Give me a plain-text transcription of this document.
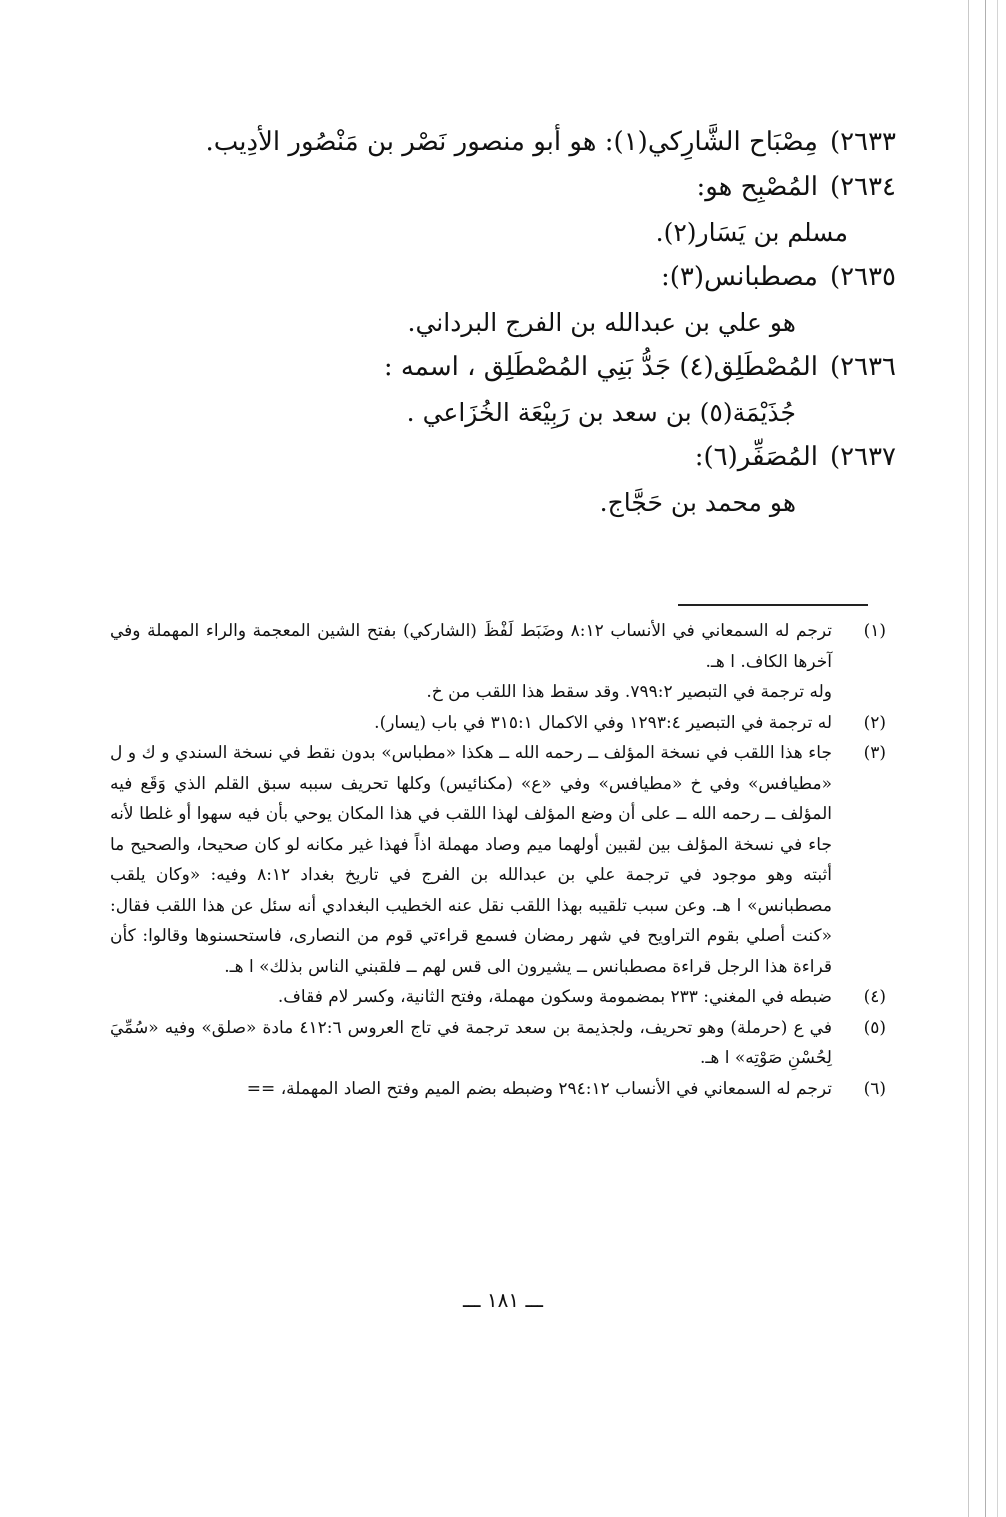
٢٦٣٣)مِصْبَاح الشَّارِكي(١): هو أبو منصور نَصْر بن مَنْصُور الأدِيب.
٢٦٣٤)المُصْبِح هو:
مسلم بن يَسَار(٢).
٢٦٣٥)مصطبانس(٣):
هو علي بن عبدالله بن الفرج البرداني.
٢٦٣٦)المُصْطَلِق(٤) جَدُّ بَنِي المُصْطَلِق ، اسمه :
جُذَيْمَة(٥) بن سعد بن رَبِيْعَة الخُزَاعي .
٢٦٣٧)المُصَفِّر(٦):
هو محمد بن حَجَّاج.
(١)

ترجم له السمعاني في الأنساب ٨:١٢ وضَبَط لَفْظَ (الشاركي) بفتح الشين المعجمة والراء المهملة وفي آخرها الكاف. ا هـ.

وله ترجمة في التبصير ٧٩٩:٢. وقد سقط هذا اللقب من خ.

(٢)

له ترجمة في التبصير ١٢٩٣:٤ وفي الاكمال ٣١٥:١ في باب (يسار).

(٣)

جاء هذا اللقب في نسخة المؤلف ــ رحمه الله ــ هكذا «مطباس» بدون نقط في نسخة السندي و ك و ل «مطيافس» وفي خ «مطيافس» وفي «ع» (مكنائيس) وكلها تحريف سببه سبق القلم الذي وَقَع فيه المؤلف ــ رحمه الله ــ على أن وضع المؤلف لهذا اللقب في هذا المكان يوحي بأن فيه سهوا أو غلطا لأنه جاء في نسخة المؤلف بين لقبين أولهما ميم وصاد مهملة اذاً فهذا غير مكانه لو كان صحيحا، والصحيح ما أثبته وهو موجود في ترجمة علي بن عبدالله بن الفرج في تاريخ بغداد ٨:١٢ وفيه: «وكان يلقب مصطبانس» ا هـ. وعن سبب تلقيبه بهذا اللقب نقل عنه الخطيب البغدادي أنه سئل عن هذا اللقب فقال: «كنت أصلي بقوم التراويح في شهر رمضان فسمع قراءتي قوم من النصارى، فاستحسنوها وقالوا: كأن قراءة هذا الرجل قراءة مصطبانس ــ يشيرون الى قس لهم ــ فلقبني الناس بذلك» ا هـ.

(٤)

ضبطه في المغني: ٢٣٣ بمضمومة وسكون مهملة، وفتح الثانية، وكسر لام فقاف.

(٥)

في ع (حرملة) وهو تحريف، ولجذيمة بن سعد ترجمة في تاج العروس ٤١٢:٦ مادة «صلق» وفيه «سُمِّيَ لِحُسْنِ صَوْتِه» ا هـ.

(٦)

ترجم له السمعاني في الأنساب ٢٩٤:١٢ وضبطه بضم الميم وفتح الصاد المهملة، ==

ـــ ١٨١ ـــ
